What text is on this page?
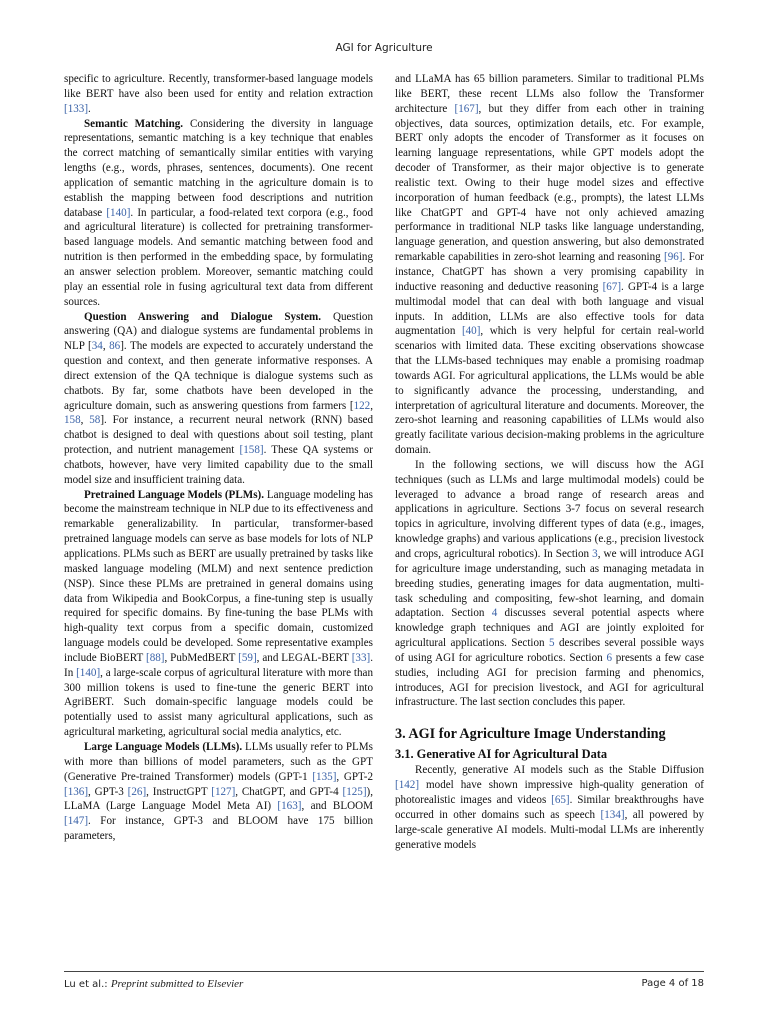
AGI for Agriculture

specific to agriculture. Recently, transformer-based language models like BERT have also been used for entity and relation extraction [133].

Semantic Matching. Considering the diversity in language representations, semantic matching is a key technique that enables the correct matching of semantically similar entities with varying lengths (e.g., words, phrases, sentences, documents). One recent application of semantic matching in the agriculture domain is to establish the mapping between food descriptions and nutrition database [140]. In particular, a food-related text corpora (e.g., food and agricultural literature) is collected for pretraining transformer-based language models. And semantic matching between food and nutrition is then performed in the embedding space, by formulating an answer selection problem. Moreover, semantic matching could play an essential role in fusing agricultural text data from different sources.

Question Answering and Dialogue System. Question answering (QA) and dialogue systems are fundamental problems in NLP [34, 86]. The models are expected to accurately understand the question and context, and then generate informative responses. A direct extension of the QA technique is dialogue systems such as chatbots. By far, some chatbots have been developed in the agriculture domain, such as answering questions from farmers [122, 158, 58]. For instance, a recurrent neural network (RNN) based chatbot is designed to deal with questions about soil testing, plant protection, and nutrient management [158]. These QA systems or chatbots, however, have very limited capability due to the small model size and insufficient training data.

Pretrained Language Models (PLMs). Language modeling has become the mainstream technique in NLP due to its effectiveness and remarkable generalizability. In particular, transformer-based pretrained language models can serve as base models for lots of NLP applications. PLMs such as BERT are usually pretrained by tasks like masked language modeling (MLM) and next sentence prediction (NSP). Since these PLMs are pretrained in general domains using data from Wikipedia and BookCorpus, a fine-tuning step is usually required for specific domains. By fine-tuning the base PLMs with high-quality text corpus from a specific domain, customized language models could be developed. Some representative examples include BioBERT [88], PubMedBERT [59], and LEGAL-BERT [33]. In [140], a large-scale corpus of agricultural literature with more than 300 million tokens is used to fine-tune the generic BERT into AgriBERT. Such domain-specific language models could be potentially used to assist many agricultural applications, such as agricultural marketing, agricultural social media analytics, etc.

Large Language Models (LLMs). LLMs usually refer to PLMs with more than billions of model parameters, such as the GPT (Generative Pre-trained Transformer) models (GPT-1 [135], GPT-2 [136], GPT-3 [26], InstructGPT [127], ChatGPT, and GPT-4 [125]), LLaMA (Large Language Model Meta AI) [163], and BLOOM [147]. For instance, GPT-3 and BLOOM have 175 billion parameters,

and LLaMA has 65 billion parameters. Similar to traditional PLMs like BERT, these recent LLMs also follow the Transformer architecture [167], but they differ from each other in training objectives, data sources, optimization details, etc. For example, BERT only adopts the encoder of Transformer as it focuses on learning language representations, while GPT models adopt the decoder of Transformer, as their major objective is to generate realistic text. Owing to their huge model sizes and effective incorporation of human feedback (e.g., prompts), the latest LLMs like ChatGPT and GPT-4 have not only achieved amazing performance in traditional NLP tasks like language understanding, language generation, and question answering, but also demonstrated remarkable capabilities in zero-shot learning and reasoning [96]. For instance, ChatGPT has shown a very promising capability in inductive reasoning and deductive reasoning [67]. GPT-4 is a large multimodal model that can deal with both language and visual inputs. In addition, LLMs are also effective tools for data augmentation [40], which is very helpful for certain real-world scenarios with limited data. These exciting observations showcase that the LLMs-based techniques may enable a promising roadmap towards AGI. For agricultural applications, the LLMs would be able to significantly advance the processing, understanding, and interpretation of agricultural literature and documents. Moreover, the zero-shot learning and reasoning capabilities of LLMs would also greatly facilitate various decision-making problems in the agriculture domain.

In the following sections, we will discuss how the AGI techniques (such as LLMs and large multimodal models) could be leveraged to advance a broad range of research areas and applications in agriculture. Sections 3-7 focus on several research topics in agriculture, involving different types of data (e.g., images, knowledge graphs) and various applications (e.g., precision livestock and crops, agricultural robotics). In Section 3, we will introduce AGI for agriculture image understanding, such as managing metadata in breeding studies, generating images for data augmentation, multi-task scheduling and compositing, few-shot learning, and domain adaptation. Section 4 discusses several potential aspects where knowledge graph techniques and AGI are jointly exploited for agricultural applications. Section 5 describes several possible ways of using AGI for agriculture robotics. Section 6 presents a few case studies, including AGI for precision farming and phenomics, introduces, AGI for precision livestock, and AGI for agricultural infrastructure. The last section concludes this paper.

3. AGI for Agriculture Image Understanding
3.1. Generative AI for Agricultural Data

Recently, generative AI models such as the Stable Diffusion [142] model have shown impressive high-quality generation of photorealistic images and videos [65]. Similar breakthroughs have occurred in other domains such as speech [134], all powered by large-scale generative AI models. Multi-modal LLMs are inherently generative models

Lu et al.: Preprint submitted to Elsevier	Page 4 of 18
